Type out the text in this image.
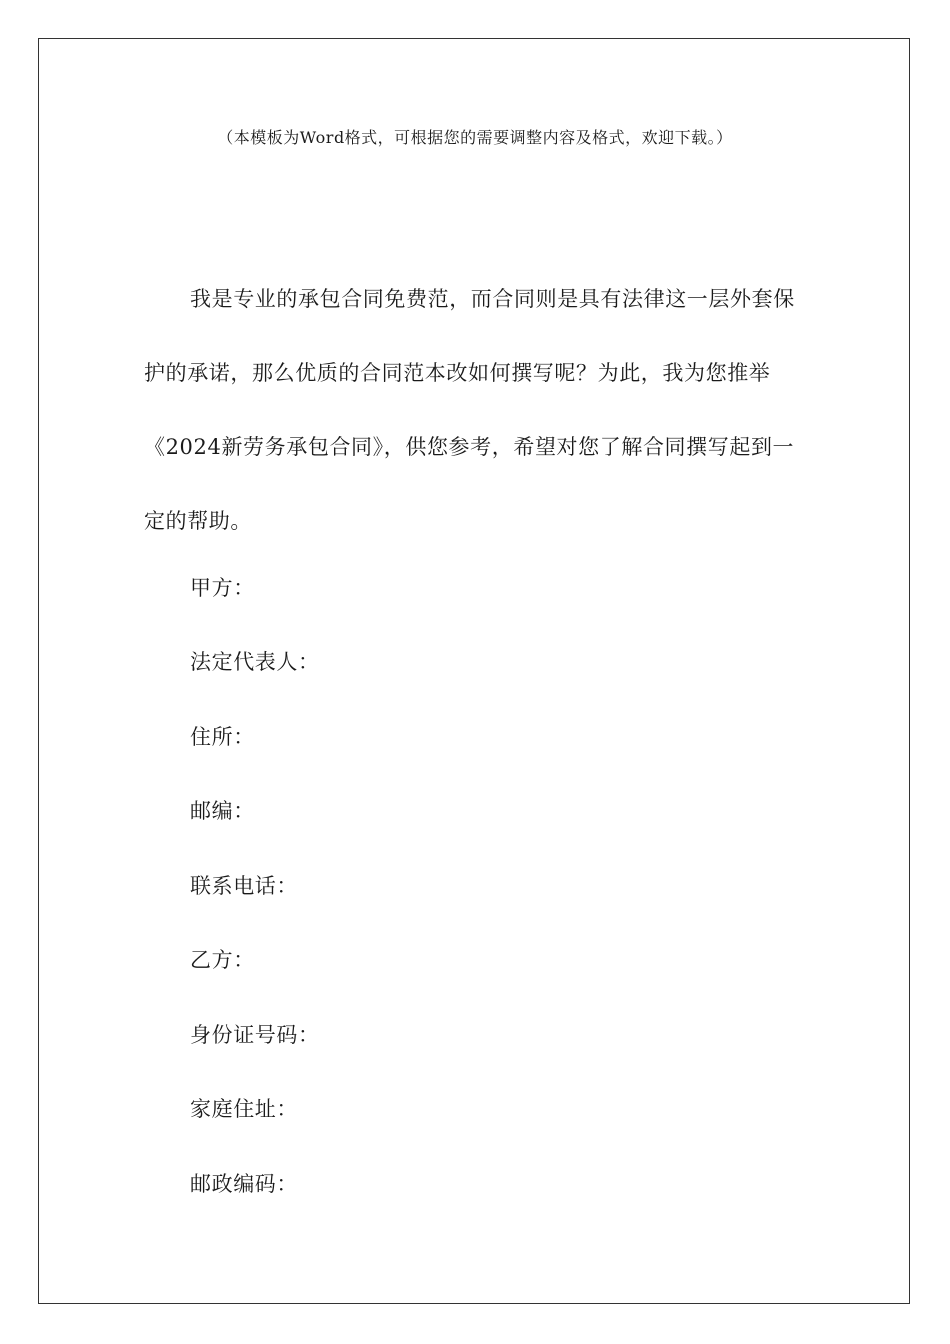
（本模板为Word格式，可根据您的需要调整内容及格式，欢迎下载。）

我是专业的承包合同免费范，而合同则是具有法律这一层外套保护的承诺，那么优质的合同范本改如何撰写呢？为此，我为您推举《2024新劳务承包合同》，供您参考，希望对您了解合同撰写起到一定的帮助。

甲方：

法定代表人：

住所：

邮编：

联系电话：

乙方：

身份证号码：

家庭住址：

邮政编码：
